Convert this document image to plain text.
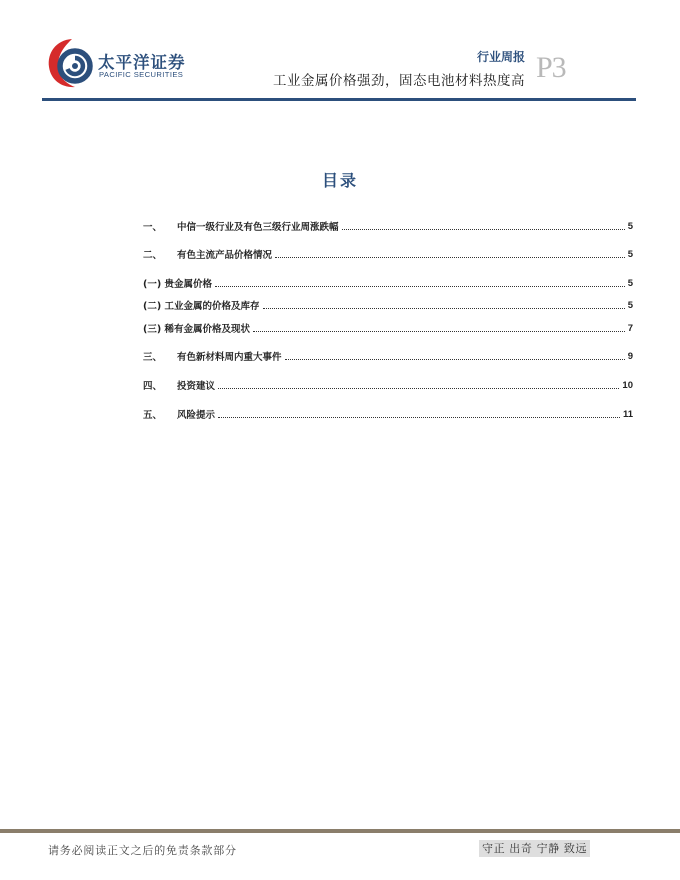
太平洋证券
PACIFIC SECURITIES
行业周报
工业金属价格强劲，固态电池材料热度高 P3
目录
一、	中信一级行业及有色三级行业周涨跌幅	5
二、	有色主流产品价格情况	5
(一) 贵金属价格	5
(二) 工业金属的价格及库存	5
(三) 稀有金属价格及现状	7
三、	有色新材料周内重大事件	9
四、	投资建议	10
五、	风险提示	11
请务必阅读正文之后的免责条款部分	守正 出奇 宁静 致远
